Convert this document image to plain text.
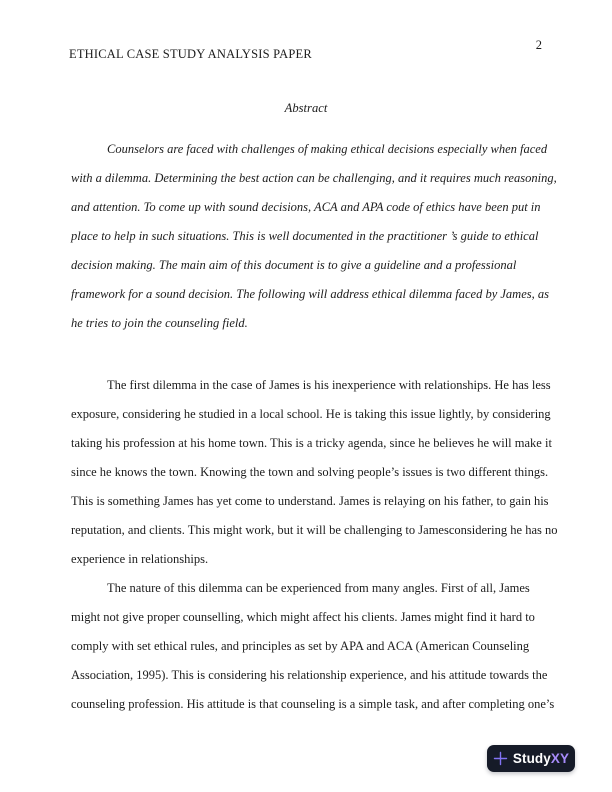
2
ETHICAL CASE STUDY ANALYSIS PAPER
Abstract
Counselors are faced with challenges of making ethical decisions especially when faced
with a dilemma. Determining the best action can be challenging, and it requires much reasoning,
and attention. To come up with sound decisions, ACA and APA code of ethics have been put in
place to help in such situations. This is well documented in the practitioner ’s guide to ethical
decision making. The main aim of this document is to give a guideline and a professional
framework for a sound decision. The following will address ethical dilemma faced by James, as
he tries to join the counseling field.
The first dilemma in the case of James is his inexperience with relationships. He has less
exposure, considering he studied in a local school. He is taking this issue lightly, by considering
taking his profession at his home town. This is a tricky agenda, since he believes he will make it
since he knows the town. Knowing the town and solving people’s issues is two different things.
This is something James has yet come to understand. James is relaying on his father, to gain his
reputation, and clients. This might work, but it will be challenging to Jamesconsidering he has no
experience in relationships.
The nature of this dilemma can be experienced from many angles. First of all, James
might not give proper counselling, which might affect his clients. James might find it hard to
comply with set ethical rules, and principles as set by APA and ACA (American Counseling
Association, 1995). This is considering his relationship experience, and his attitude towards the
counseling profession. His attitude is that counseling is a simple task, and after completing one’s
StudyXY
